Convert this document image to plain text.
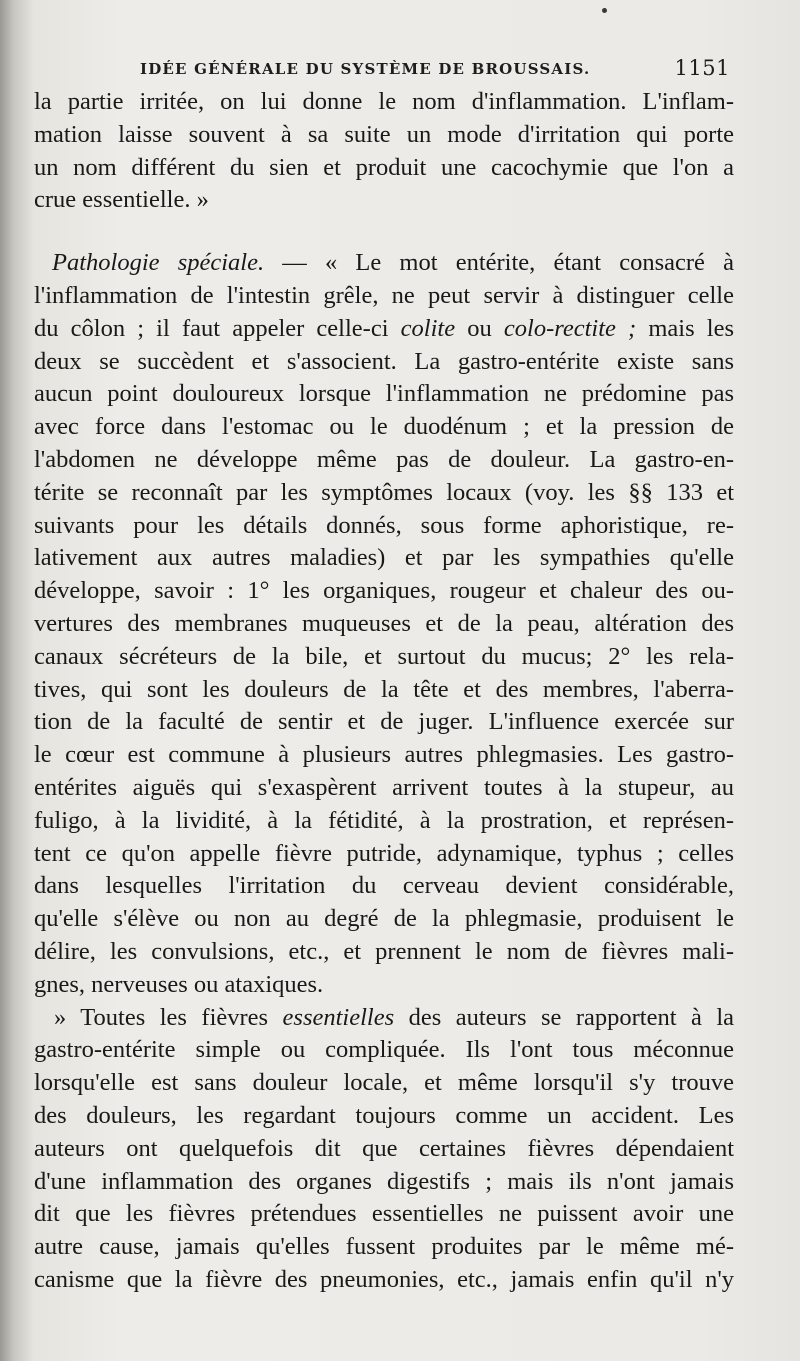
IDÉE GÉNÉRALE DU SYSTÈME DE BROUSSAIS.	1151
la partie irritée, on lui donne le nom d'inflammation. L'inflam-
mation laisse souvent à sa suite un mode d'irritation qui porte
un nom différent du sien et produit une cacochymie que l'on a
crue essentielle. »
Pathologie spéciale. — « Le mot entérite, étant consacré à
l'inflammation de l'intestin grêle, ne peut servir à distinguer celle
du côlon ; il faut appeler celle-ci colite ou colo-rectite ; mais les
deux se succèdent et s'associent. La gastro-entérite existe sans
aucun point douloureux lorsque l'inflammation ne prédomine pas
avec force dans l'estomac ou le duodénum ; et la pression de
l'abdomen ne développe même pas de douleur. La gastro-en-
térite se reconnaît par les symptômes locaux (voy. les §§ 133 et
suivants pour les détails donnés, sous forme aphoristique, re-
lativement aux autres maladies) et par les sympathies qu'elle
développe, savoir : 1° les organiques, rougeur et chaleur des ou-
vertures des membranes muqueuses et de la peau, altération des
canaux sécréteurs de la bile, et surtout du mucus; 2° les rela-
tives, qui sont les douleurs de la tête et des membres, l'aberra-
tion de la faculté de sentir et de juger. L'influence exercée sur
le cœur est commune à plusieurs autres phlegmasies. Les gastro-
entérites aiguës qui s'exaspèrent arrivent toutes à la stupeur, au
fuligo, à la lividité, à la fétidité, à la prostration, et représen-
tent ce qu'on appelle fièvre putride, adynamique, typhus ; celles
dans lesquelles l'irritation du cerveau devient considérable,
qu'elle s'élève ou non au degré de la phlegmasie, produisent le
délire, les convulsions, etc., et prennent le nom de fièvres mali-
gnes, nerveuses ou ataxiques.
» Toutes les fièvres essentielles des auteurs se rapportent à la
gastro-entérite simple ou compliquée. Ils l'ont tous méconnue
lorsqu'elle est sans douleur locale, et même lorsqu'il s'y trouve
des douleurs, les regardant toujours comme un accident. Les
auteurs ont quelquefois dit que certaines fièvres dépendaient
d'une inflammation des organes digestifs ; mais ils n'ont jamais
dit que les fièvres prétendues essentielles ne puissent avoir une
autre cause, jamais qu'elles fussent produites par le même mé-
canisme que la fièvre des pneumonies, etc., jamais enfin qu'il n'y
